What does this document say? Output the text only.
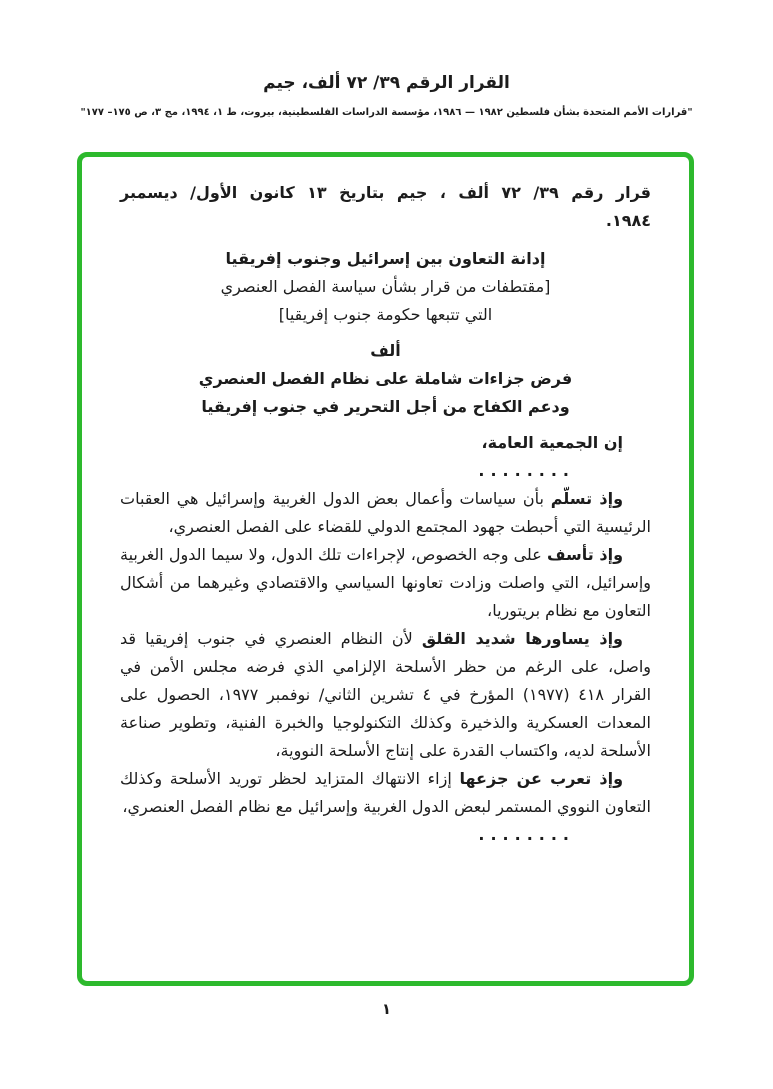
القرار الرقم ٣٩/ ٧٢ ألف، جيم

"قرارات الأمم المتحدة بشأن فلسطين ١٩٨٢ — ١٩٨٦، مؤسسة الدراسات الفلسطينية، بيروت، ط ١، ١٩٩٤، مج ٣، ص ١٧٥– ١٧٧"

قرار رقم ٣٩/ ٧٢ ألف ، جيم بتاريخ ١٣ كانون الأول/ ديسمبر

١٩٨٤.

إدانة التعاون بين إسرائيل وجنوب إفريقيا

[مقتطفات من قرار بشأن سياسة الفصل العنصري

التي تتبعها حكومة جنوب إفريقيا]

ألف

فرض جزاءات شاملة على نظام الفصل العنصري

ودعم الكفاح من أجل التحرير في جنوب إفريقيا

إن الجمعية العامة،

........

وإذ تسلّم بأن سياسات وأعمال بعض الدول الغربية وإسرائيل هي العقبات الرئيسية التي أحبطت جهود المجتمع الدولي للقضاء على الفصل العنصري،

وإذ تأسف على وجه الخصوص، لإجراءات تلك الدول، ولا سيما الدول الغربية وإسرائيل، التي واصلت وزادت تعاونها السياسي والاقتصادي وغيرهما من أشكال التعاون مع نظام بريتوريا،

وإذ يساورها شديد القلق لأن النظام العنصري في جنوب إفريقيا قد واصل، على الرغم من حظر الأسلحة الإلزامي الذي فرضه مجلس الأمن في القرار ٤١٨ (١٩٧٧) المؤرخ في ٤ تشرين الثاني/ نوفمبر ١٩٧٧، الحصول على المعدات العسكرية والذخيرة وكذلك التكنولوجيا والخبرة الفنية، وتطوير صناعة الأسلحة لديه، واكتساب القدرة على إنتاج الأسلحة النووية،

وإذ تعرب عن جزعها إزاء الانتهاك المتزايد لحظر توريد الأسلحة وكذلك التعاون النووي المستمر لبعض الدول الغربية وإسرائيل مع نظام الفصل العنصري،

........

١
